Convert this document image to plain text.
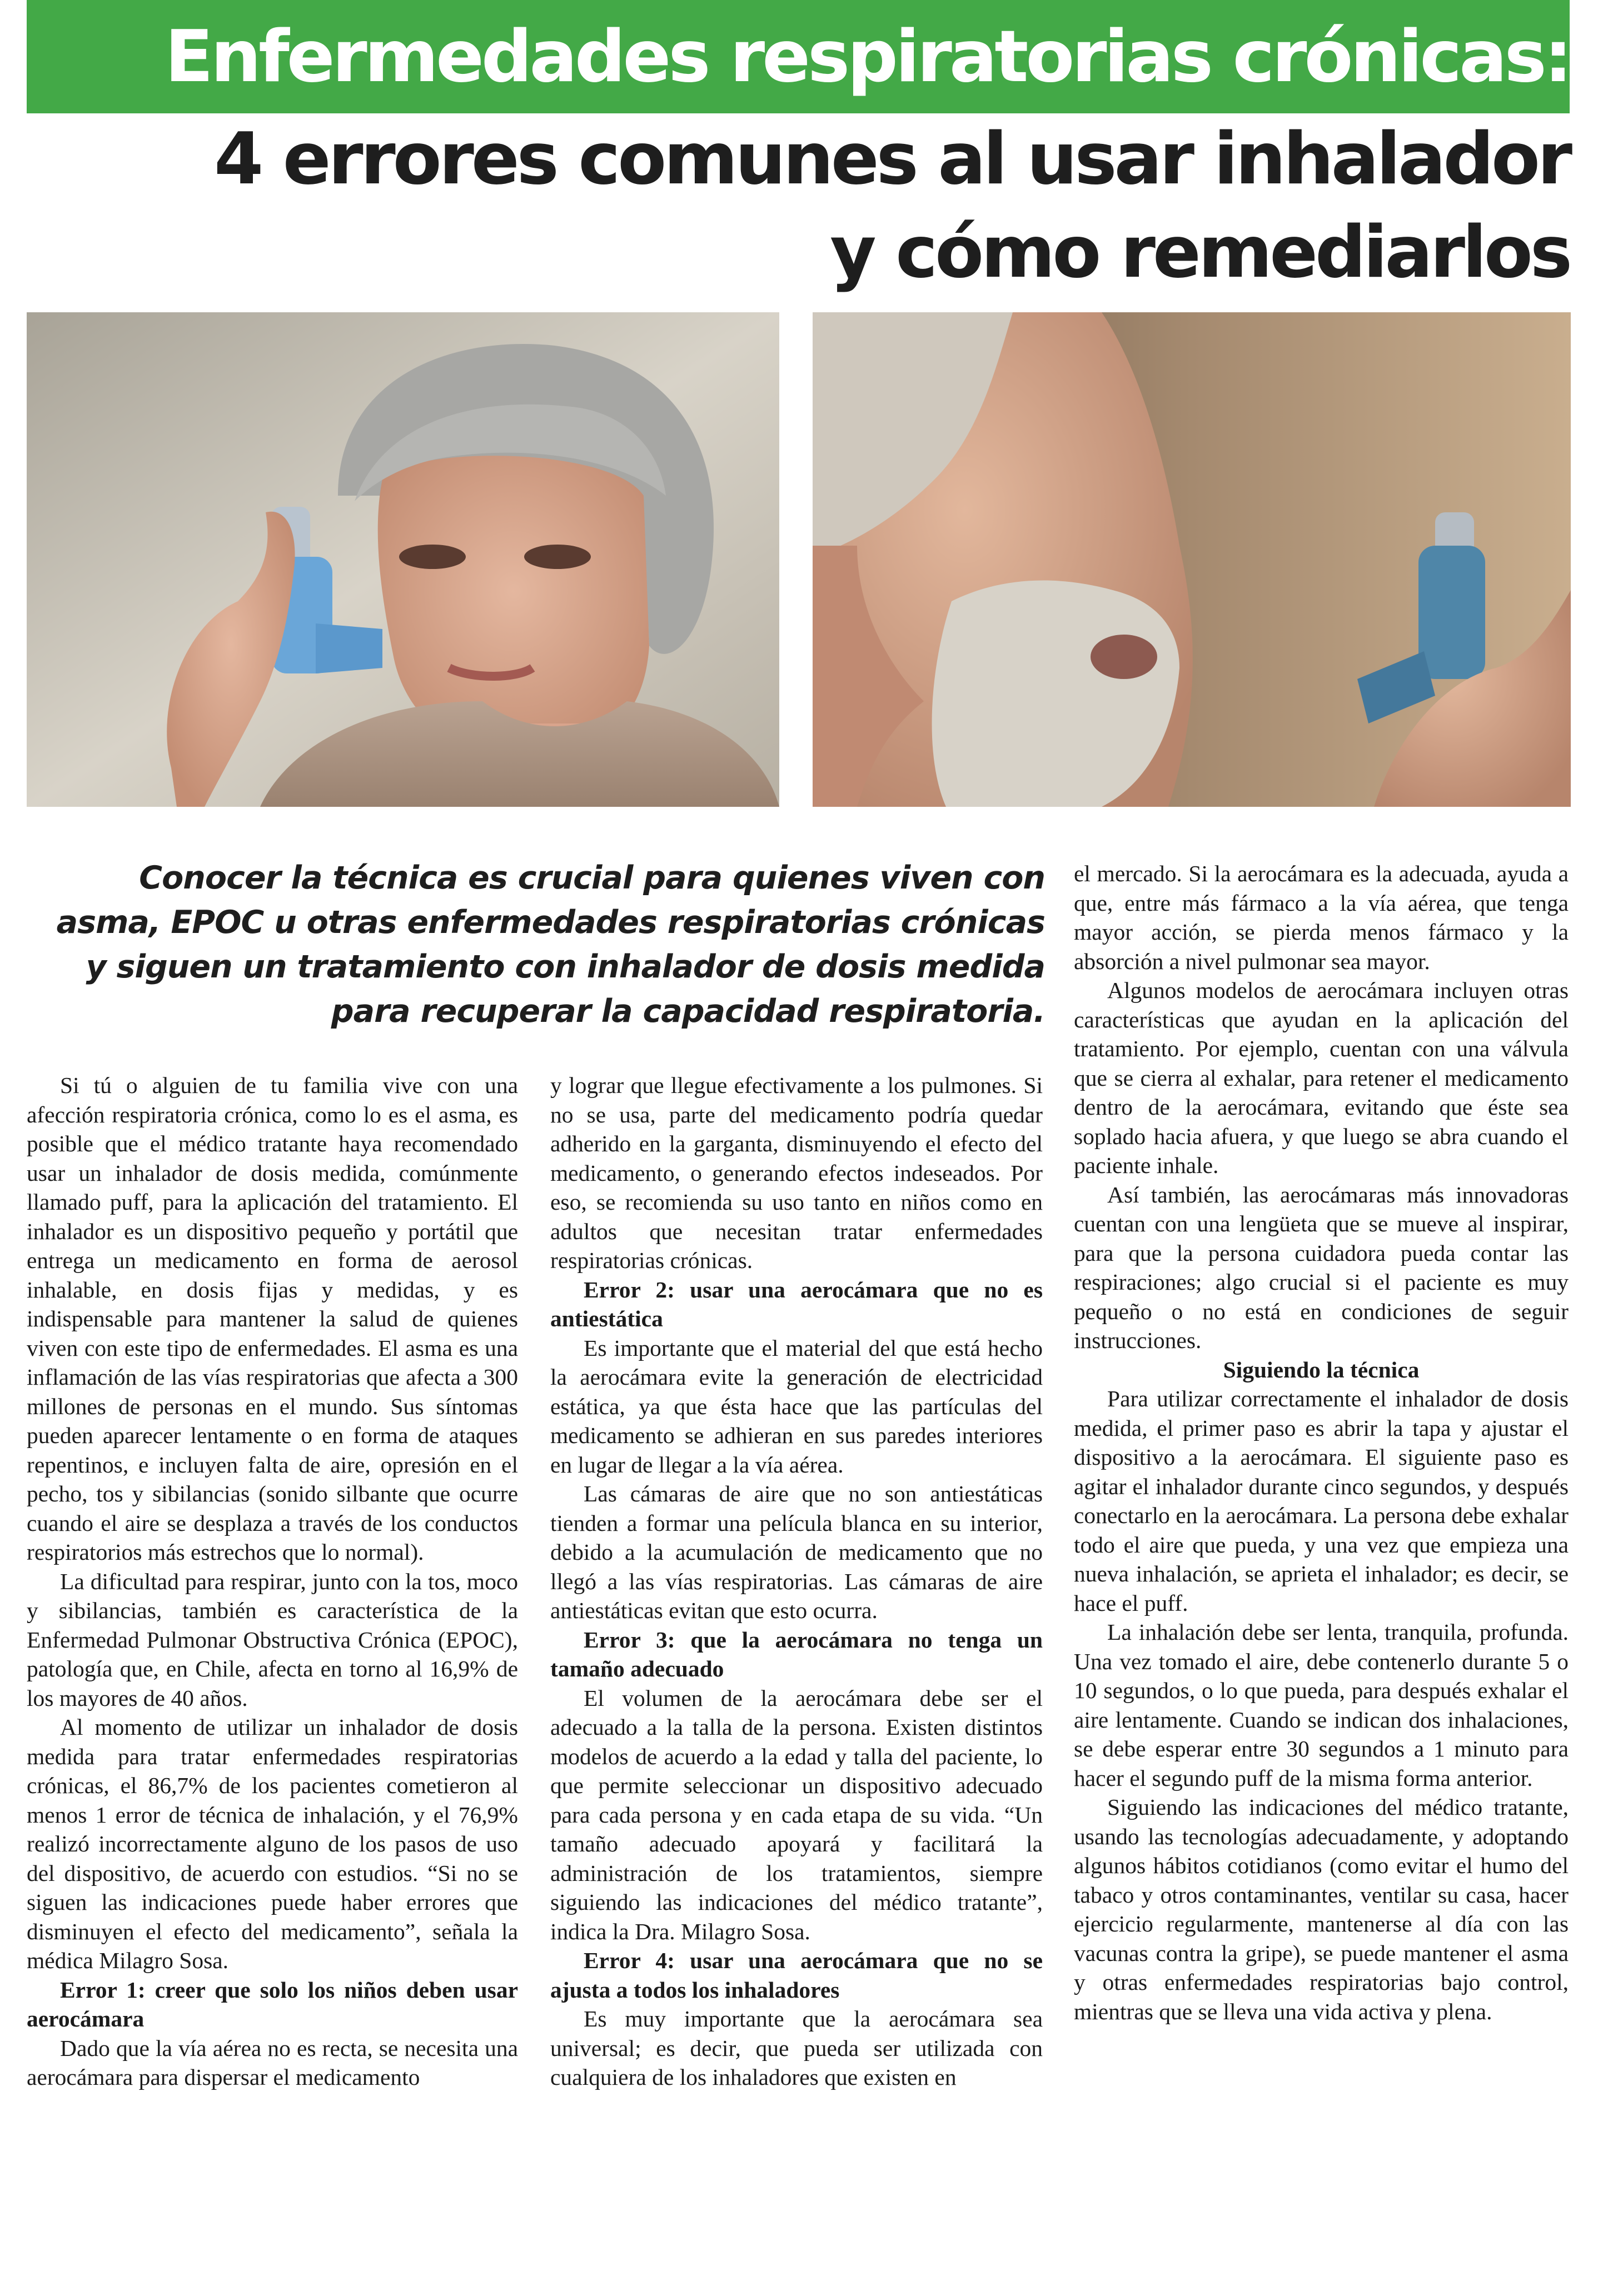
Enfermedades respiratorias crónicas:
4 errores comunes al usar inhalador
y cómo remediarlos

Conocer la técnica es crucial para quienes viven con asma, EPOC u otras enfermedades respiratorias crónicas y siguen un tratamiento con inhalador de dosis medida para recuperar la capacidad respiratoria.

Si tú o alguien de tu familia vive con una afección respiratoria crónica, como lo es el asma, es posible que el médico tratante haya recomendado usar un inhalador de dosis medida, comúnmente llamado puff, para la aplicación del tratamiento. El inhalador es un dispositivo pequeño y portátil que entrega un medicamento en forma de aerosol inhalable, en dosis fijas y medidas, y es indispensable para mantener la salud de quienes viven con este tipo de enfermedades. El asma es una inflamación de las vías respiratorias que afecta a 300 millones de personas en el mundo. Sus síntomas pueden aparecer lentamente o en forma de ataques repentinos, e incluyen falta de aire, opresión en el pecho, tos y sibilancias (sonido silbante que ocurre cuando el aire se desplaza a través de los conductos respiratorios más estrechos que lo normal).

La dificultad para respirar, junto con la tos, moco y sibilancias, también es característica de la Enfermedad Pulmonar Obstructiva Crónica (EPOC), patología que, en Chile, afecta en torno al 16,9% de los mayores de 40 años.

Al momento de utilizar un inhalador de dosis medida para tratar enfermedades respiratorias crónicas, el 86,7% de los pacientes cometieron al menos 1 error de técnica de inhalación, y el 76,9% realizó incorrectamente alguno de los pasos de uso del dispositivo, de acuerdo con estudios. “Si no se siguen las indicaciones puede haber errores que disminuyen el efecto del medicamento”, señala la médica Milagro Sosa.

Error 1: creer que solo los niños deben usar aerocámara

Dado que la vía aérea no es recta, se necesita una aerocámara para dispersar el medicamento

y lograr que llegue efectivamente a los pulmones. Si no se usa, parte del medicamento podría quedar adherido en la garganta, disminuyendo el efecto del medicamento, o generando efectos indeseados. Por eso, se recomienda su uso tanto en niños como en adultos que necesitan tratar enfermedades respiratorias crónicas.

Error 2: usar una aerocámara que no es antiestática

Es importante que el material del que está hecho la aerocámara evite la generación de electricidad estática, ya que ésta hace que las partículas del medicamento se adhieran en sus paredes interiores en lugar de llegar a la vía aérea.

Las cámaras de aire que no son antiestáticas tienden a formar una película blanca en su interior, debido a la acumulación de medicamento que no llegó a las vías respiratorias. Las cámaras de aire antiestáticas evitan que esto ocurra.

Error 3: que la aerocámara no tenga un tamaño adecuado

El volumen de la aerocámara debe ser el adecuado a la talla de la persona. Existen distintos modelos de acuerdo a la edad y talla del paciente, lo que permite seleccionar un dispositivo adecuado para cada persona y en cada etapa de su vida. “Un tamaño adecuado apoyará y facilitará la administración de los tratamientos, siempre siguiendo las indicaciones del médico tratante”, indica la Dra. Milagro Sosa.

Error 4: usar una aerocámara que no se ajusta a todos los inhaladores

Es muy importante que la aerocámara sea universal; es decir, que pueda ser utilizada con cualquiera de los inhaladores que existen en

el mercado. Si la aerocámara es la adecuada, ayuda a que, entre más fármaco a la vía aérea, que tenga mayor acción, se pierda menos fármaco y la absorción a nivel pulmonar sea mayor.

Algunos modelos de aerocámara incluyen otras características que ayudan en la aplicación del tratamiento. Por ejemplo, cuentan con una válvula que se cierra al exhalar, para retener el medicamento dentro de la aerocámara, evitando que éste sea soplado hacia afuera, y que luego se abra cuando el paciente inhale.

Así también, las aerocámaras más innovadoras cuentan con una lengüeta que se mueve al inspirar, para que la persona cuidadora pueda contar las respiraciones; algo crucial si el paciente es muy pequeño o no está en condiciones de seguir instrucciones.

Siguiendo la técnica

Para utilizar correctamente el inhalador de dosis medida, el primer paso es abrir la tapa y ajustar el dispositivo a la aerocámara. El siguiente paso es agitar el inhalador durante cinco segundos, y después conectarlo en la aerocámara. La persona debe exhalar todo el aire que pueda, y una vez que empieza una nueva inhalación, se aprieta el inhalador; es decir, se hace el puff.

La inhalación debe ser lenta, tranquila, profunda. Una vez tomado el aire, debe contenerlo durante 5 o 10 segundos, o lo que pueda, para después exhalar el aire lentamente. Cuando se indican dos inhalaciones, se debe esperar entre 30 segundos a 1 minuto para hacer el segundo puff de la misma forma anterior.

Siguiendo las indicaciones del médico tratante, usando las tecnologías adecuadamente, y adoptando algunos hábitos cotidianos (como evitar el humo del tabaco y otros contaminantes, ventilar su casa, hacer ejercicio regularmente, mantenerse al día con las vacunas contra la gripe), se puede mantener el asma y otras enfermedades respiratorias bajo control, mientras que se lleva una vida activa y plena.
